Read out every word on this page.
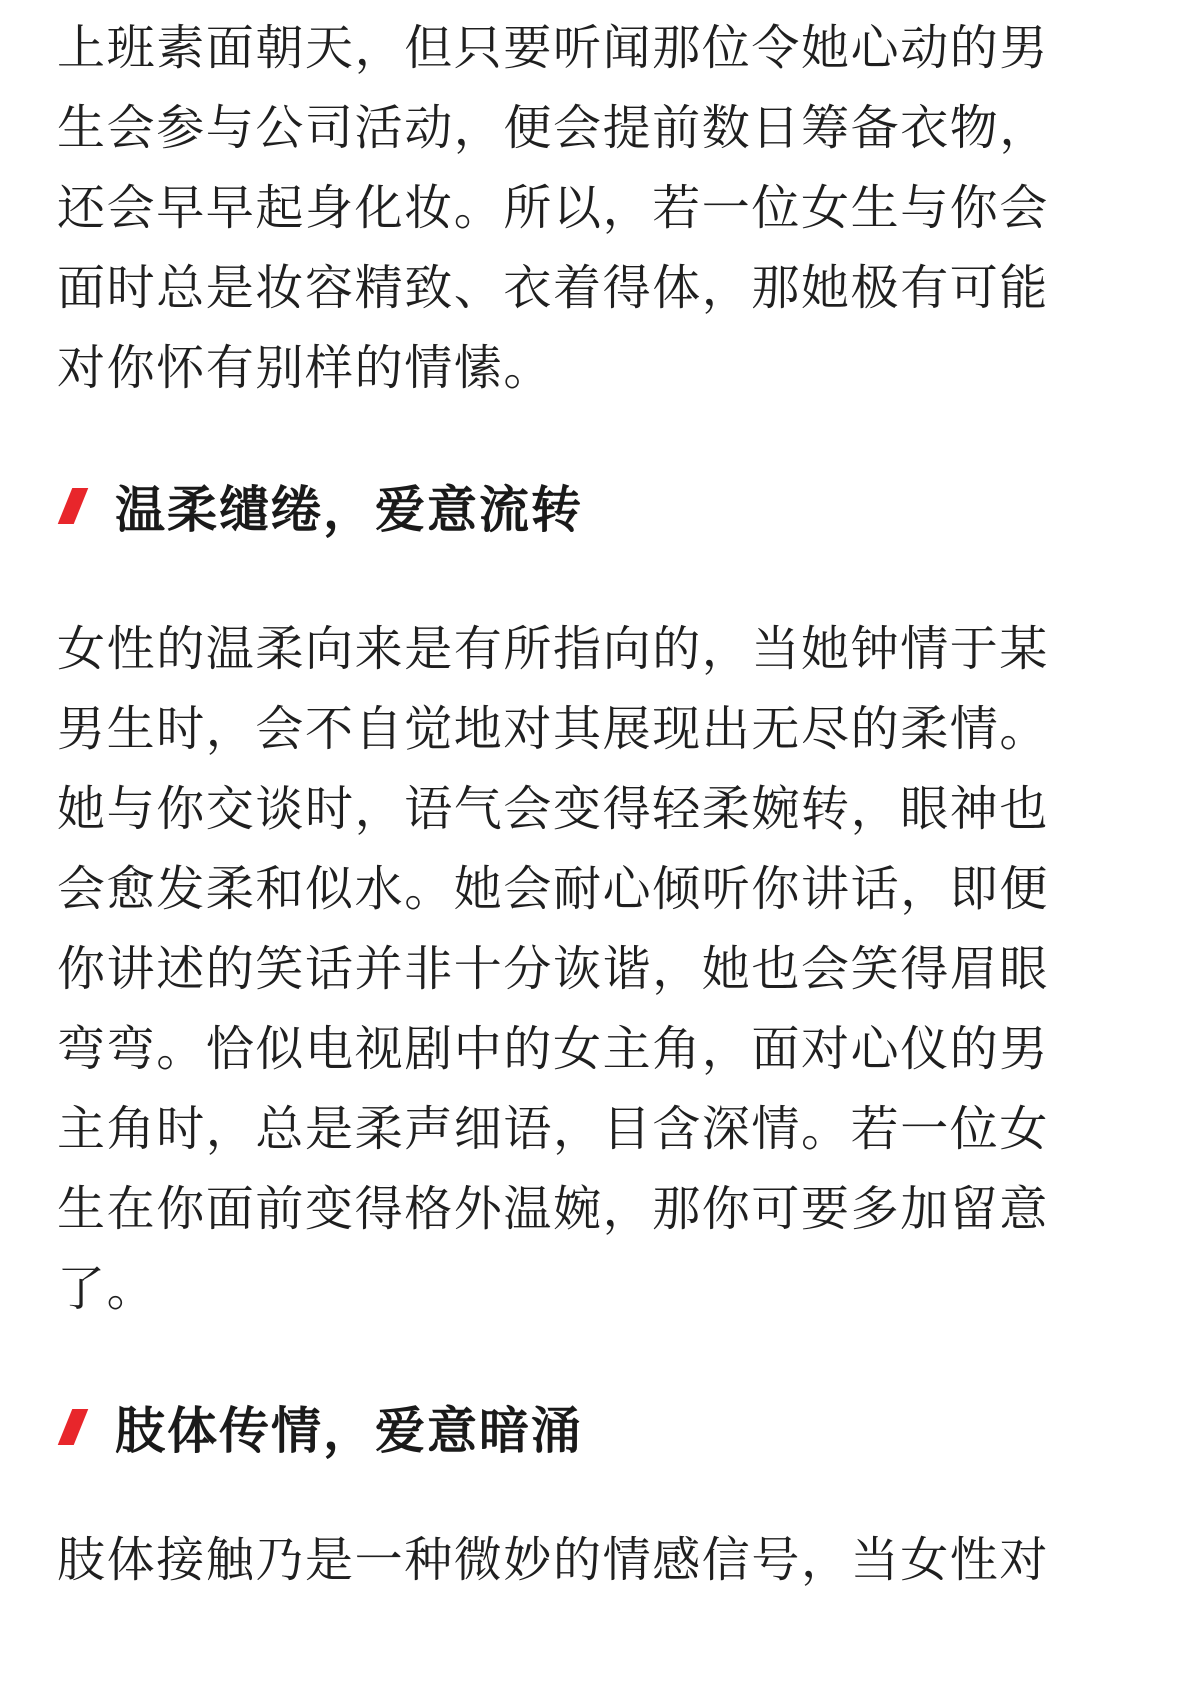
上班素面朝天，但只要听闻那位令她心动的男
生会参与公司活动，便会提前数日筹备衣物，
还会早早起身化妆。所以，若一位女生与你会
面时总是妆容精致、衣着得体，那她极有可能
对你怀有别样的情愫。

温柔缱绻，爱意流转

女性的温柔向来是有所指向的，当她钟情于某
男生时，会不自觉地对其展现出无尽的柔情。
她与你交谈时，语气会变得轻柔婉转，眼神也
会愈发柔和似水。她会耐心倾听你讲话，即便
你讲述的笑话并非十分诙谐，她也会笑得眉眼
弯弯。恰似电视剧中的女主角，面对心仪的男
主角时，总是柔声细语，目含深情。若一位女
生在你面前变得格外温婉，那你可要多加留意
了。

肢体传情，爱意暗涌

肢体接触乃是一种微妙的情感信号，当女性对
